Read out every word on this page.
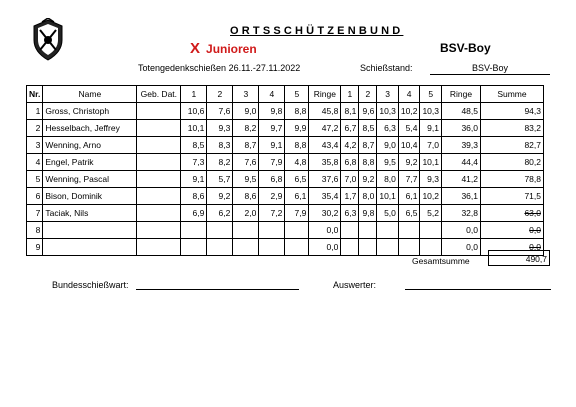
ORTSSCHÜTZENBUND
X Junioren	BSV-Boy
Totengedenkschießen 26.11.-27.11.2022	Schießstand:	BSV-Boy
Nr.	Name	Geb. Dat.	1	2	3	4	5	Ringe	1	2	3	4	5	Ringe	Summe
1	Gross, Christoph		10,6	7,6	9,0	9,8	8,8	45,8	8,1	9,6	10,3	10,2	10,3	48,5	94,3
2	Hesselbach, Jeffrey		10,1	9,3	8,2	9,7	9,9	47,2	6,7	8,5	6,3	5,4	9,1	36,0	83,2
3	Wenning, Arno		8,5	8,3	8,7	9,1	8,8	43,4	4,2	8,7	9,0	10,4	7,0	39,3	82,7
4	Engel, Patrik		7,3	8,2	7,6	7,9	4,8	35,8	6,8	8,8	9,5	9,2	10,1	44,4	80,2
5	Wenning, Pascal		9,1	5,7	9,5	6,8	6,5	37,6	7,0	9,2	8,0	7,7	9,3	41,2	78,8
6	Bison, Dominik		8,6	9,2	8,6	2,9	6,1	35,4	1,7	8,0	10,1	6,1	10,2	36,1	71,5
7	Taciak, Nils		6,9	6,2	2,0	7,2	7,9	30,2	6,3	9,8	5,0	6,5	5,2	32,8	63,0
8								0,0						0,0	0,0
9								0,0						0,0	0,0
Gesamtsumme	490,7
Bundesschießwart:	Auswerter:
